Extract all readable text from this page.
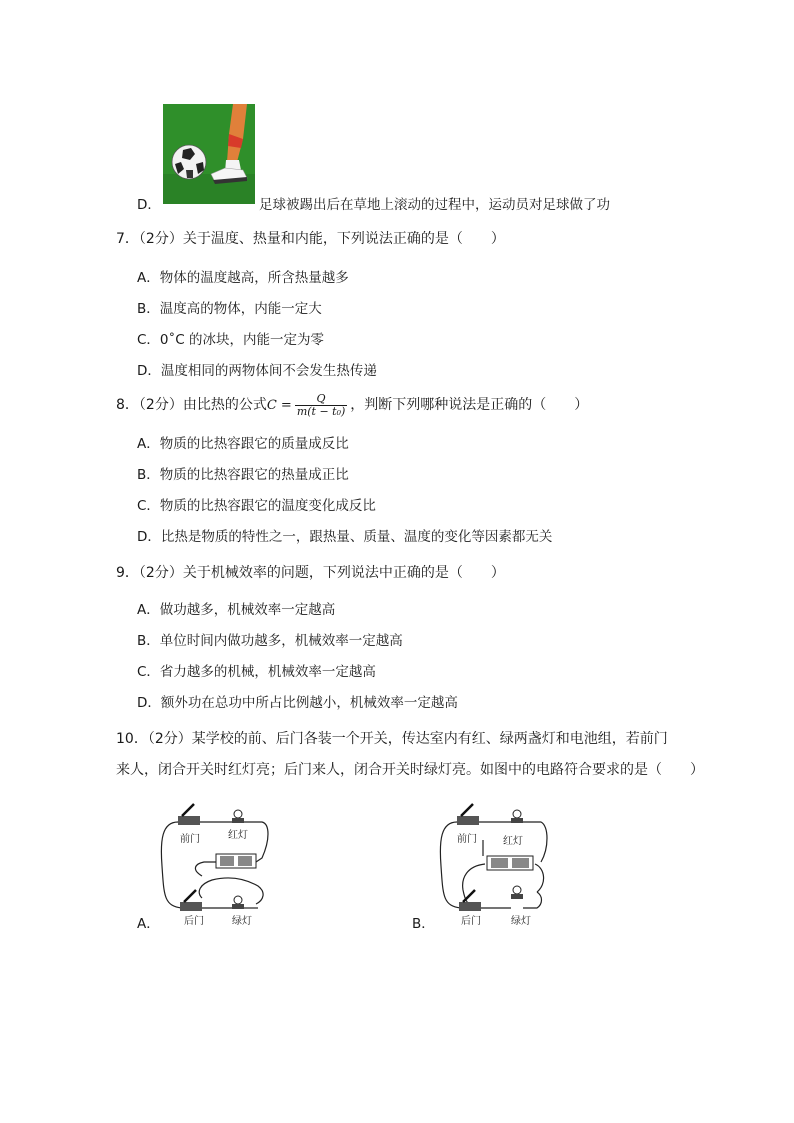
D．	足球被踢出后在草地上滚动的过程中，运动员对足球做了功
7．（2分）关于温度、热量和内能，下列说法正确的是（　　）
A．物体的温度越高，所含热量越多
B．温度高的物体，内能一定大
C．0˚C 的冰块，内能一定为零
D．温度相同的两物体间不会发生热传递
8．（2分）由比热的公式$C = \frac{Q}{\text{m(t − t₀)}}$ ，判断下列哪种说法是正确的（　　）
A．物质的比热容跟它的质量成反比
B．物质的比热容跟它的热量成正比
C．物质的比热容跟它的温度变化成反比
D．比热是物质的特性之一，跟热量、质量、温度的变化等因素都无关
9．（2分）关于机械效率的问题，下列说法中正确的是（　　）
A．做功越多，机械效率一定越高
B．单位时间内做功越多，机械效率一定越高
C．省力越多的机械，机械效率一定越高
D．额外功在总功中所占比例越小，机械效率一定越高
10．（2分）某学校的前、后门各装一个开关，传达室内有红、绿两盏灯和电池组，若前门
来人，闭合开关时红灯亮；后门来人，闭合开关时绿灯亮。如图中的电路符合要求的是（　　）
前门	红灯
后门	绿灯
A．
前门	红灯
后门	绿灯
B．
